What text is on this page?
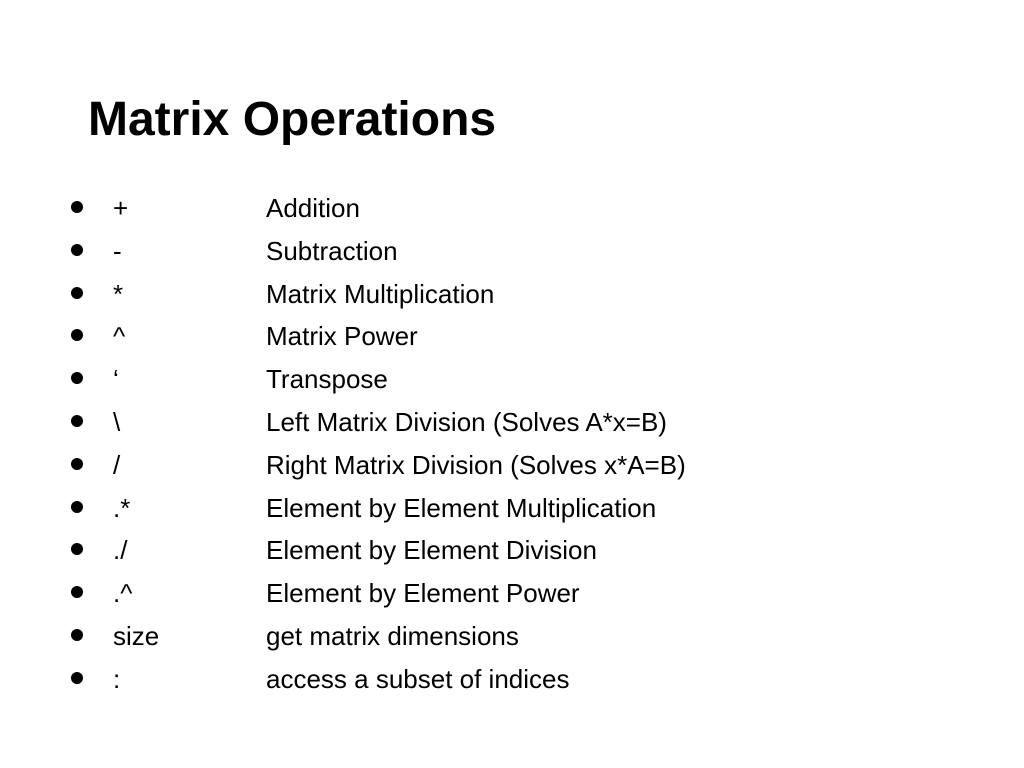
Matrix Operations
+	Addition
-	Subtraction
*	Matrix Multiplication
^	Matrix Power
‘	Transpose
\	Left Matrix Division (Solves A*x=B)
/	Right Matrix Division (Solves x*A=B)
.*	Element by Element Multiplication
./	Element by Element Division
.^	Element by Element Power
size	get matrix dimensions
:	access a subset of indices
